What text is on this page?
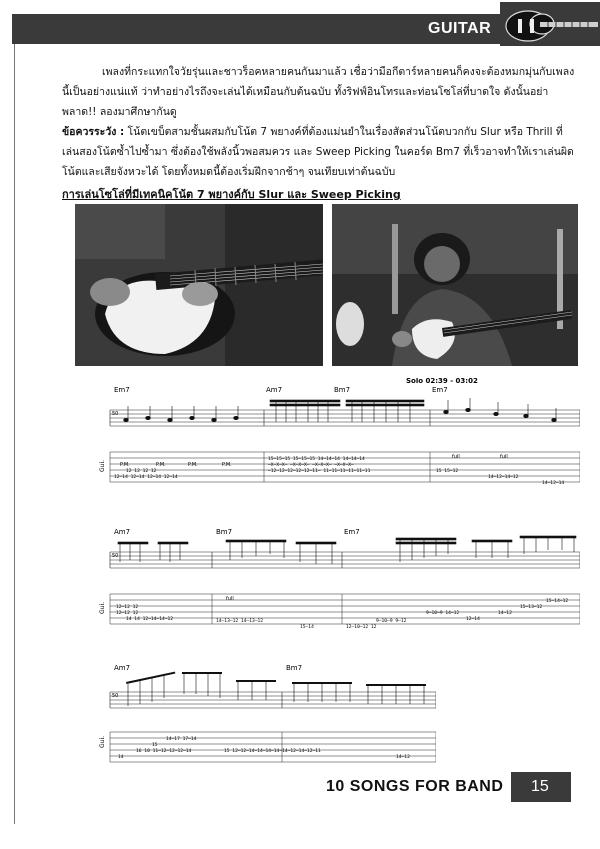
GUITAR

เพลงที่กระแทกใจวัยรุ่นและชาวร็อคหลายคนกันมาแล้ว เชื่อว่ามือกีตาร์หลายคนก็คงจะต้องหมกมุ่นกับเพลงนี้เป็นอย่างแน่แท้ ว่าทำอย่างไรถึงจะเล่นได้เหมือนกับต้นฉบับ ทั้งริฟฟ์อินโทรและท่อนโซโล่ที่บาดใจ ดังนั้นอย่าพลาด!! ลองมาศึกษากันดู

ข้อควรระวัง : โน้ตเขบ็ตสามชั้นผสมกับโน้ต 7 พยางค์ที่ต้องแม่นยำในเรื่องสัดส่วนโน้ตบวกกับ Slur หรือ Thrill ที่เล่นสองโน้ตซ้ำไปซ้ำมา ซึ่งต้องใช้พลังนิ้วพอสมควร และ Sweep Picking ในคอร์ด Bm7 ที่เร็วอาจทำให้เราเล่นผิดโน้ตและเสียจังหวะได้ โดยทั้งหมดนี้ต้องเริ่มฝึกจากช้าๆ จนเทียบเท่าต้นฉบับ
การเล่นโซโล่ที่มีเทคนิคโน้ต 7 พยางค์กับ Slur และ Sweep Picking
Solo 02:39 - 03:02
Em7	Am7	Bm7	Em7
50
Gui.	P.M.	P.M.	P.M.	P.M.
full	full
15–15–15 15–15–15 14–14–14 14–14–14
–X–X–X– –X–X–X– –X–X–X– –X–X–X–
–12–12–12–12–12–11– 11–11–11–11–11–11
12 12 12 12
12–14 12–14 12–14 12–14
15 15–12
14–12–14–12
14–12–14
Am7	Bm7	Em7
50
Gui.
full
12–12 12
12–12 12
14 14 12–14–14–12	14–13–12 14–13–12
15–14
9–10–9 14–12
12–14
9–10–9 9–12
12–10–12 12
15–14–12
15–13–12
14–12
Am7	Bm7
50
Gui.	14–17 17–14
15
15 12–12–14–14–14–14–14–12–14–12–11
16 10 11–12–12–12–14
14	14–12
10 SONGS FOR BAND 15
